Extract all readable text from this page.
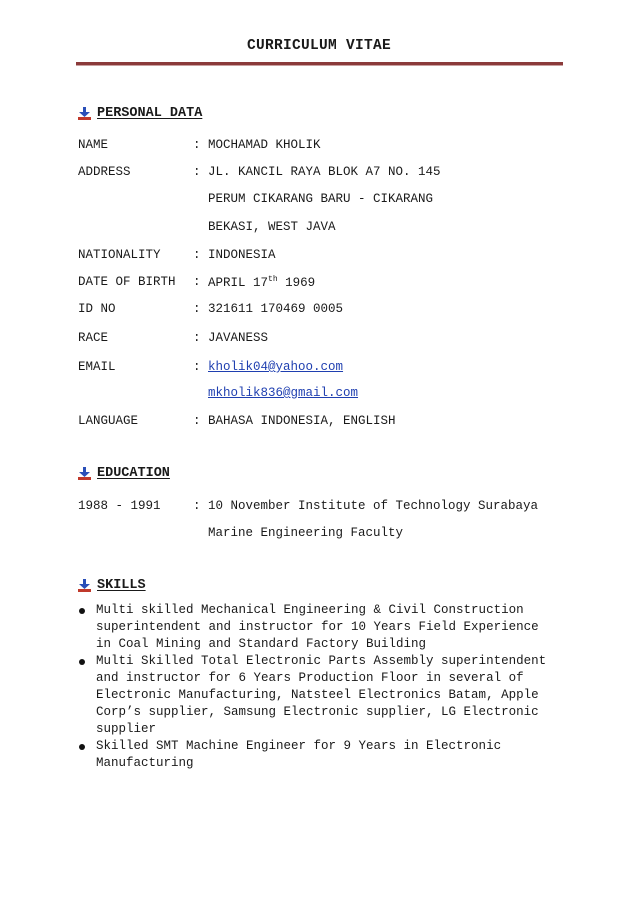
CURRICULUM VITAE
PERSONAL DATA
NAME	: MOCHAMAD KHOLIK
ADDRESS	: JL. KANCIL RAYA BLOK A7 NO. 145
PERUM CIKARANG BARU - CIKARANG
BEKASI, WEST JAVA
NATIONALITY	: INDONESIA
DATE OF BIRTH : APRIL 17th 1969
ID NO	: 321611 170469 0005
RACE	: JAVANESS
EMAIL	: kholik04@yahoo.com
mkholik836@gmail.com
LANGUAGE	: BAHASA INDONESIA, ENGLISH
EDUCATION
1988 - 1991	: 10 November Institute of Technology Surabaya
Marine Engineering Faculty
SKILLS
Multi skilled Mechanical Engineering & Civil Construction
superintendent and instructor for 10 Years Field Experience
in Coal Mining and Standard Factory Building
Multi Skilled Total Electronic Parts Assembly superintendent
and instructor for 6 Years Production Floor in several of
Electronic Manufacturing, Natsteel Electronics Batam, Apple
Corp’s supplier, Samsung Electronic supplier, LG Electronic
supplier
Skilled SMT Machine Engineer for 9 Years in Electronic
Manufacturing
